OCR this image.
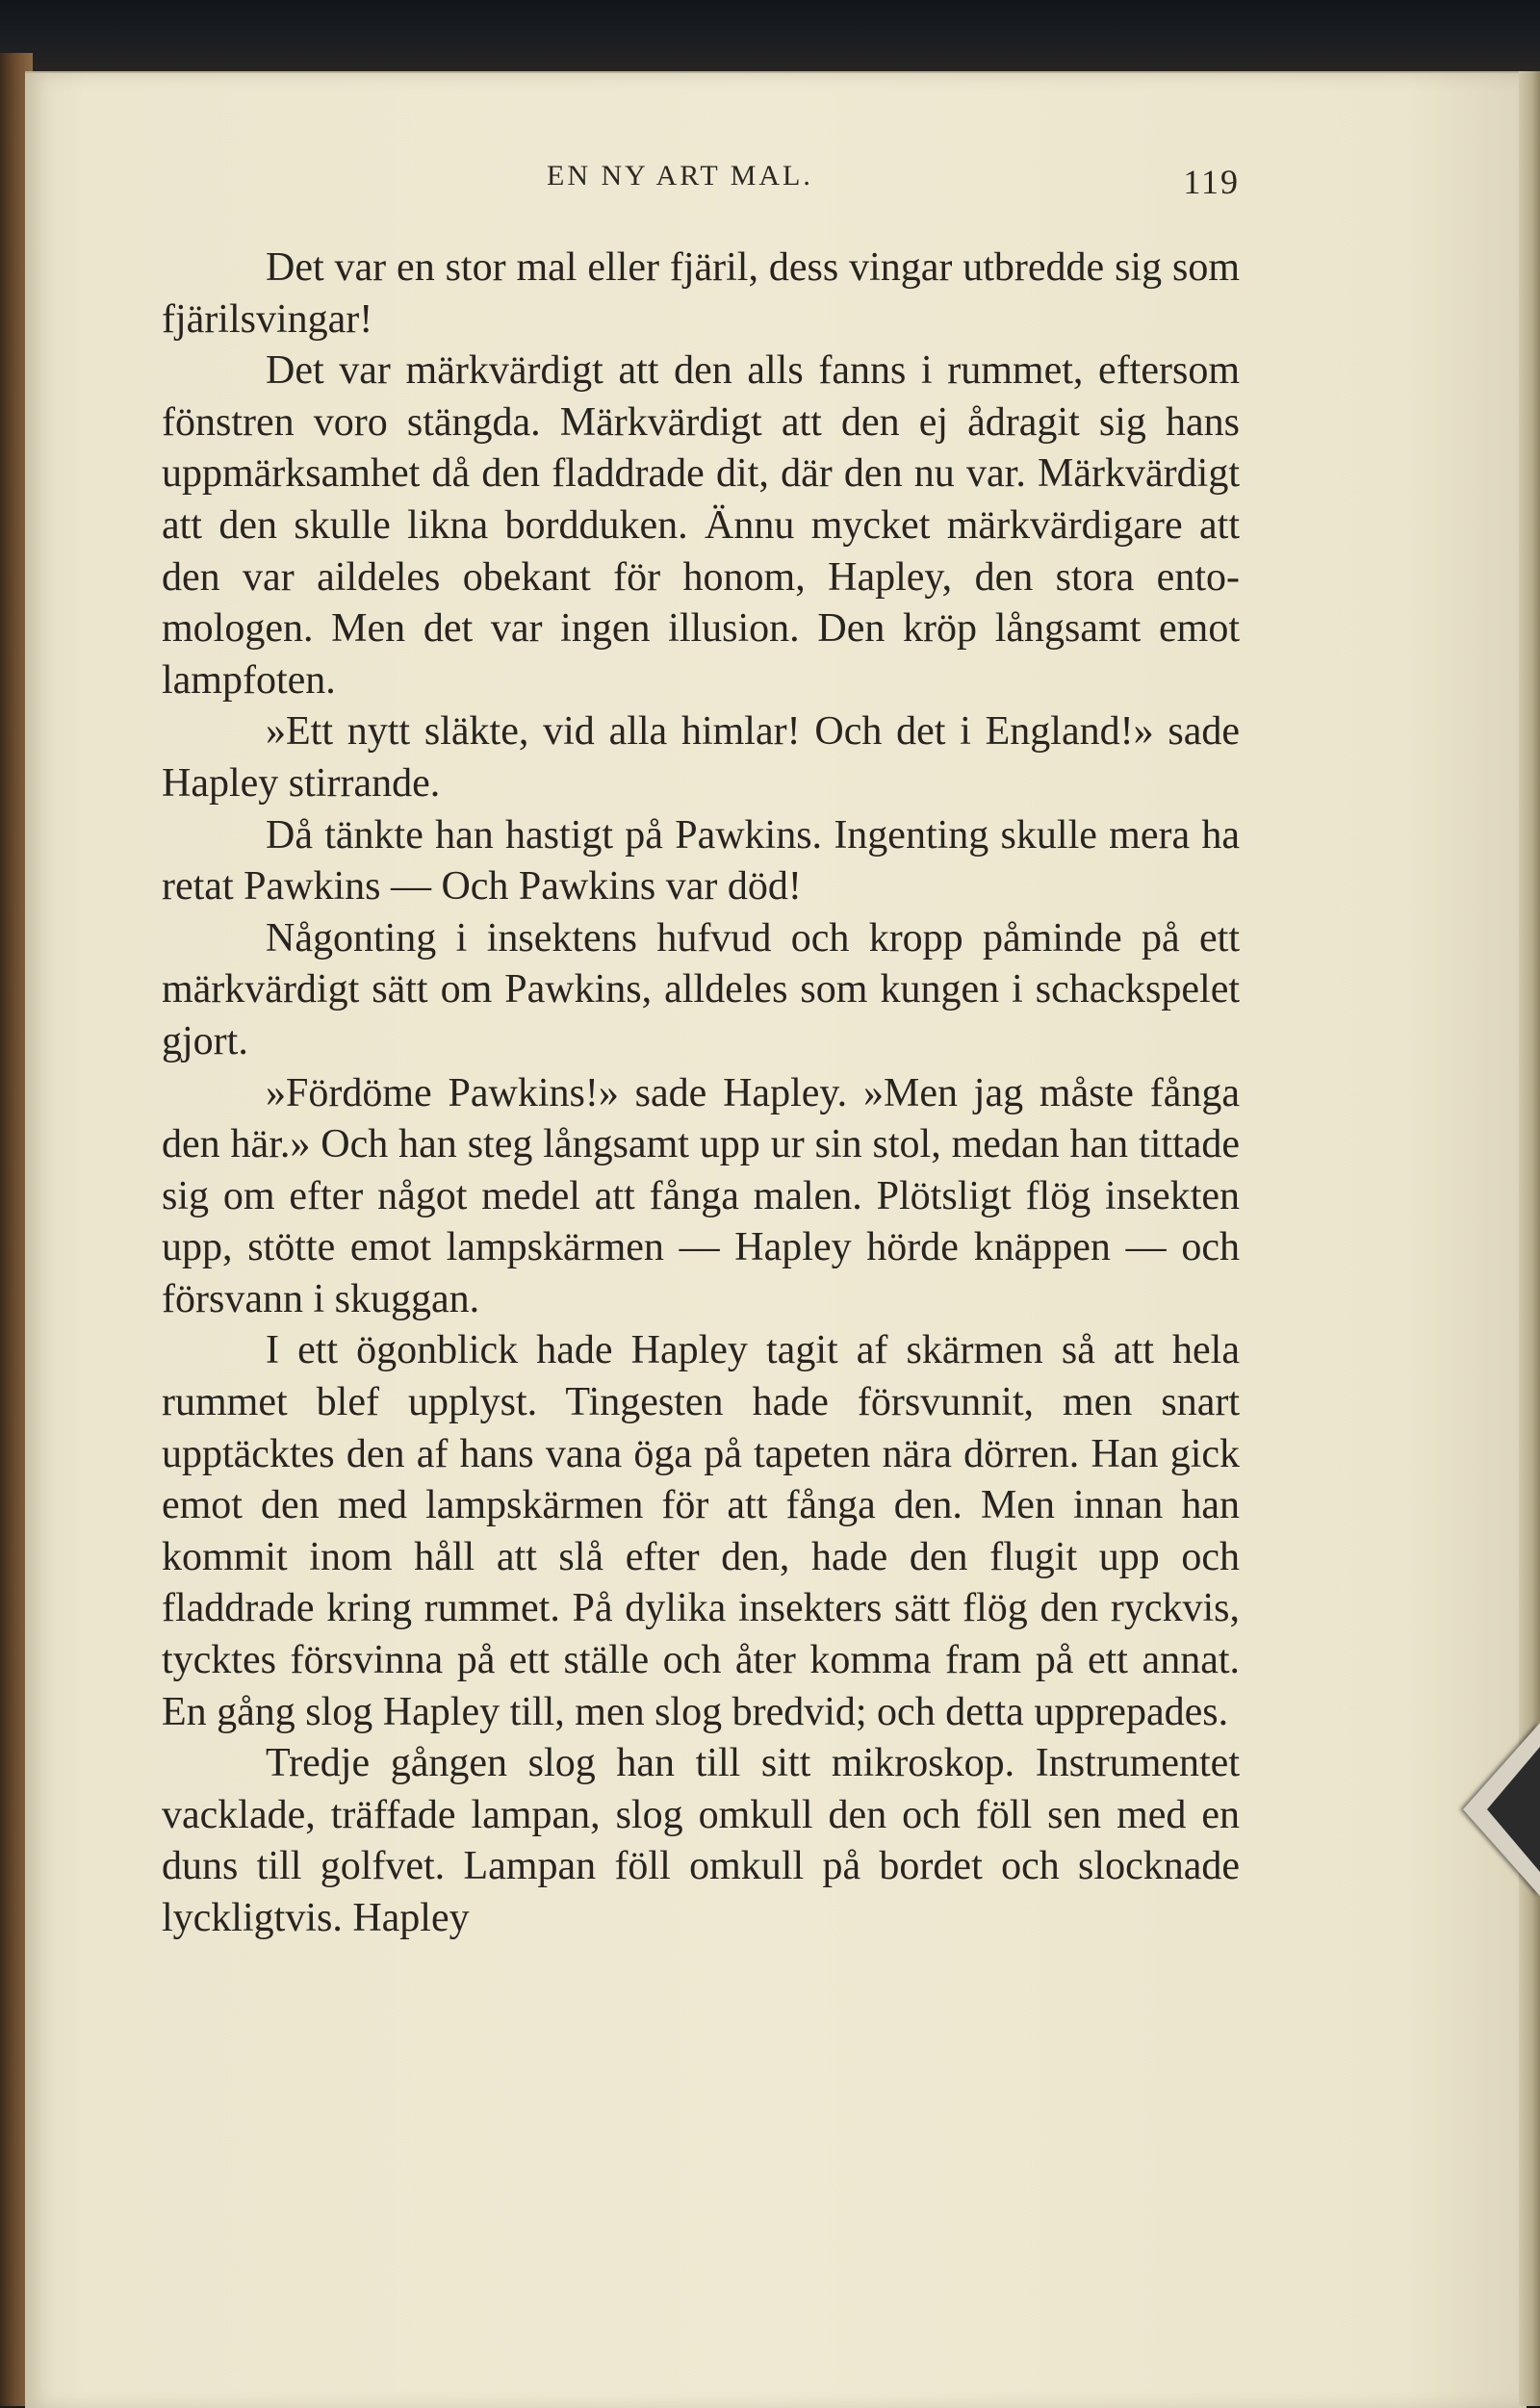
EN NY ART MAL.	119

Det var en stor mal eller fjäril, dess vingar utbredde sig som fjärilsvingar!

Det var märkvärdigt att den alls fanns i rummet, eftersom fönstren voro stängda. Märkvärdigt att den ej ådragit sig hans uppmärksamhet då den fladdrade dit, där den nu var. Märkvärdigt att den skulle likna bordduken. Ännu mycket märkvärdigare att den var aildeles obekant för honom, Hapley, den stora entomologen. Men det var ingen illusion. Den kröp långsamt emot lampfoten.

»Ett nytt släkte, vid alla himlar! Och det i England!» sade Hapley stirrande.

Då tänkte han hastigt på Pawkins. Ingenting skulle mera ha retat Pawkins — Och Pawkins var död!

Någonting i insektens hufvud och kropp påminde på ett märkvärdigt sätt om Pawkins, alldeles som kungen i schackspelet gjort.

»Fördöme Pawkins!» sade Hapley. »Men jag måste fånga den här.» Och han steg långsamt upp ur sin stol, medan han tittade sig om efter något medel att fånga malen. Plötsligt flög insekten upp, stötte emot lampskärmen — Hapley hörde knäppen — och försvann i skuggan.

I ett ögonblick hade Hapley tagit af skärmen så att hela rummet blef upplyst. Tingesten hade försvunnit, men snart upptäcktes den af hans vana öga på tapeten nära dörren. Han gick emot den med lampskärmen för att fånga den. Men innan han kommit inom håll att slå efter den, hade den flugit upp och fladdrade kring rummet. På dylika insekters sätt flög den ryckvis, tycktes försvinna på ett ställe och åter komma fram på ett annat. En gång slog Hapley till, men slog bredvid; och detta upprepades.

Tredje gången slog han till sitt mikroskop. Instrumentet vacklade, träffade lampan, slog omkull den och föll sen med en duns till golfvet. Lampan föll omkull på bordet och slocknade lyckligtvis. Hapley
